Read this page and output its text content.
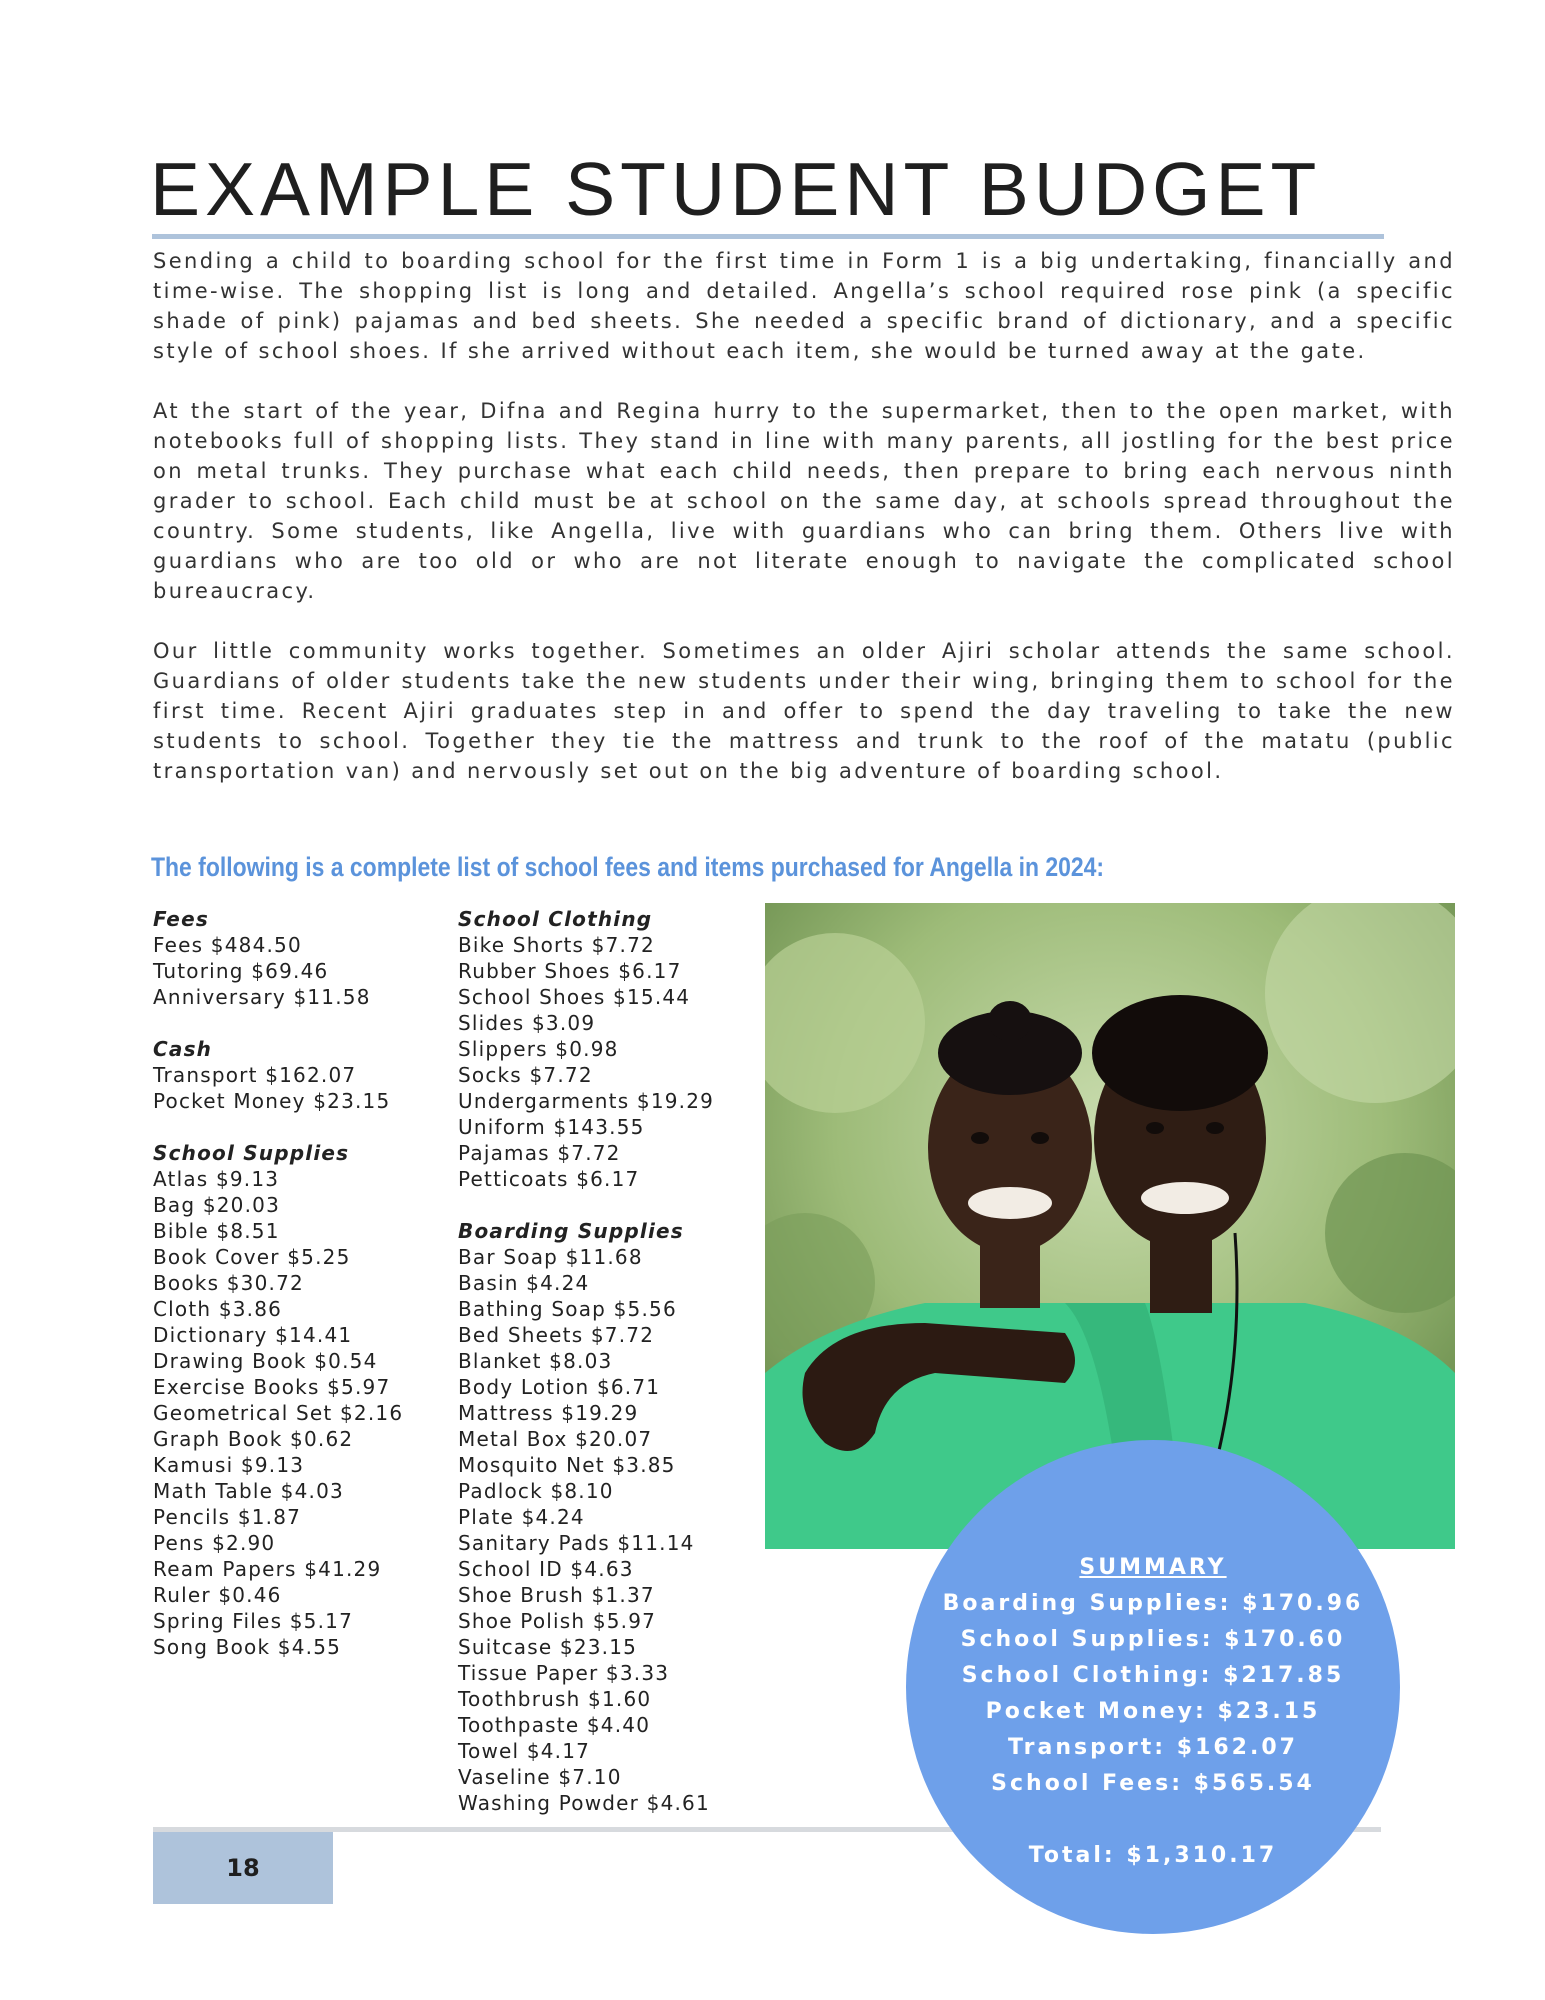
EXAMPLE STUDENT BUDGET

Sending a child to boarding school for the first time in Form 1 is a big undertaking, financially and time-wise. The shopping list is long and detailed. Angella’s school required rose pink (a specific shade of pink) pajamas and bed sheets. She needed a specific brand of dictionary, and a specific style of school shoes. If she arrived without each item, she would be turned away at the gate.

At the start of the year, Difna and Regina hurry to the supermarket, then to the open market, with notebooks full of shopping lists. They stand in line with many parents, all jostling for the best price on metal trunks. They purchase what each child needs, then prepare to bring each nervous ninth grader to school. Each child must be at school on the same day, at schools spread throughout the country. Some students, like Angella, live with guardians who can bring them. Others live with guardians who are too old or who are not literate enough to navigate the complicated school bureaucracy.

Our little community works together. Sometimes an older Ajiri scholar attends the same school. Guardians of older students take the new students under their wing, bringing them to school for the first time. Recent Ajiri graduates step in and offer to spend the day traveling to take the new students to school. Together they tie the mattress and trunk to the roof of the matatu (public transportation van) and nervously set out on the big adventure of boarding school.

The following is a complete list of school fees and items purchased for Angella in 2024:
Fees
Fees $484.50
Tutoring $69.46
Anniversary $11.58
Cash
Transport $162.07
Pocket Money $23.15
School Supplies
Atlas $9.13
Bag $20.03
Bible $8.51
Book Cover $5.25
Books $30.72
Cloth $3.86
Dictionary $14.41
Drawing Book $0.54
Exercise Books $5.97
Geometrical Set $2.16
Graph Book $0.62
Kamusi $9.13
Math Table $4.03
Pencils $1.87
Pens $2.90
Ream Papers $41.29
Ruler $0.46
Spring Files $5.17
Song Book $4.55
School Clothing
Bike Shorts $7.72
Rubber Shoes $6.17
School Shoes $15.44
Slides $3.09
Slippers $0.98
Socks $7.72
Undergarments $19.29
Uniform $143.55
Pajamas $7.72
Petticoats $6.17
Boarding Supplies
Bar Soap $11.68
Basin $4.24
Bathing Soap $5.56
Bed Sheets $7.72
Blanket $8.03
Body Lotion $6.71
Mattress $19.29
Metal Box $20.07
Mosquito Net $3.85
Padlock $8.10
Plate $4.24
Sanitary Pads $11.14
School ID $4.63
Shoe Brush $1.37
Shoe Polish $5.97
Suitcase $23.15
Tissue Paper $3.33
Toothbrush $1.60
Toothpaste $4.40
Towel $4.17
Vaseline $7.10
Washing Powder $4.61
18
SUMMARY
Boarding Supplies: $170.96
School Supplies: $170.60
School Clothing: $217.85
Pocket Money: $23.15
Transport: $162.07
School Fees: $565.54
Total: $1,310.17
